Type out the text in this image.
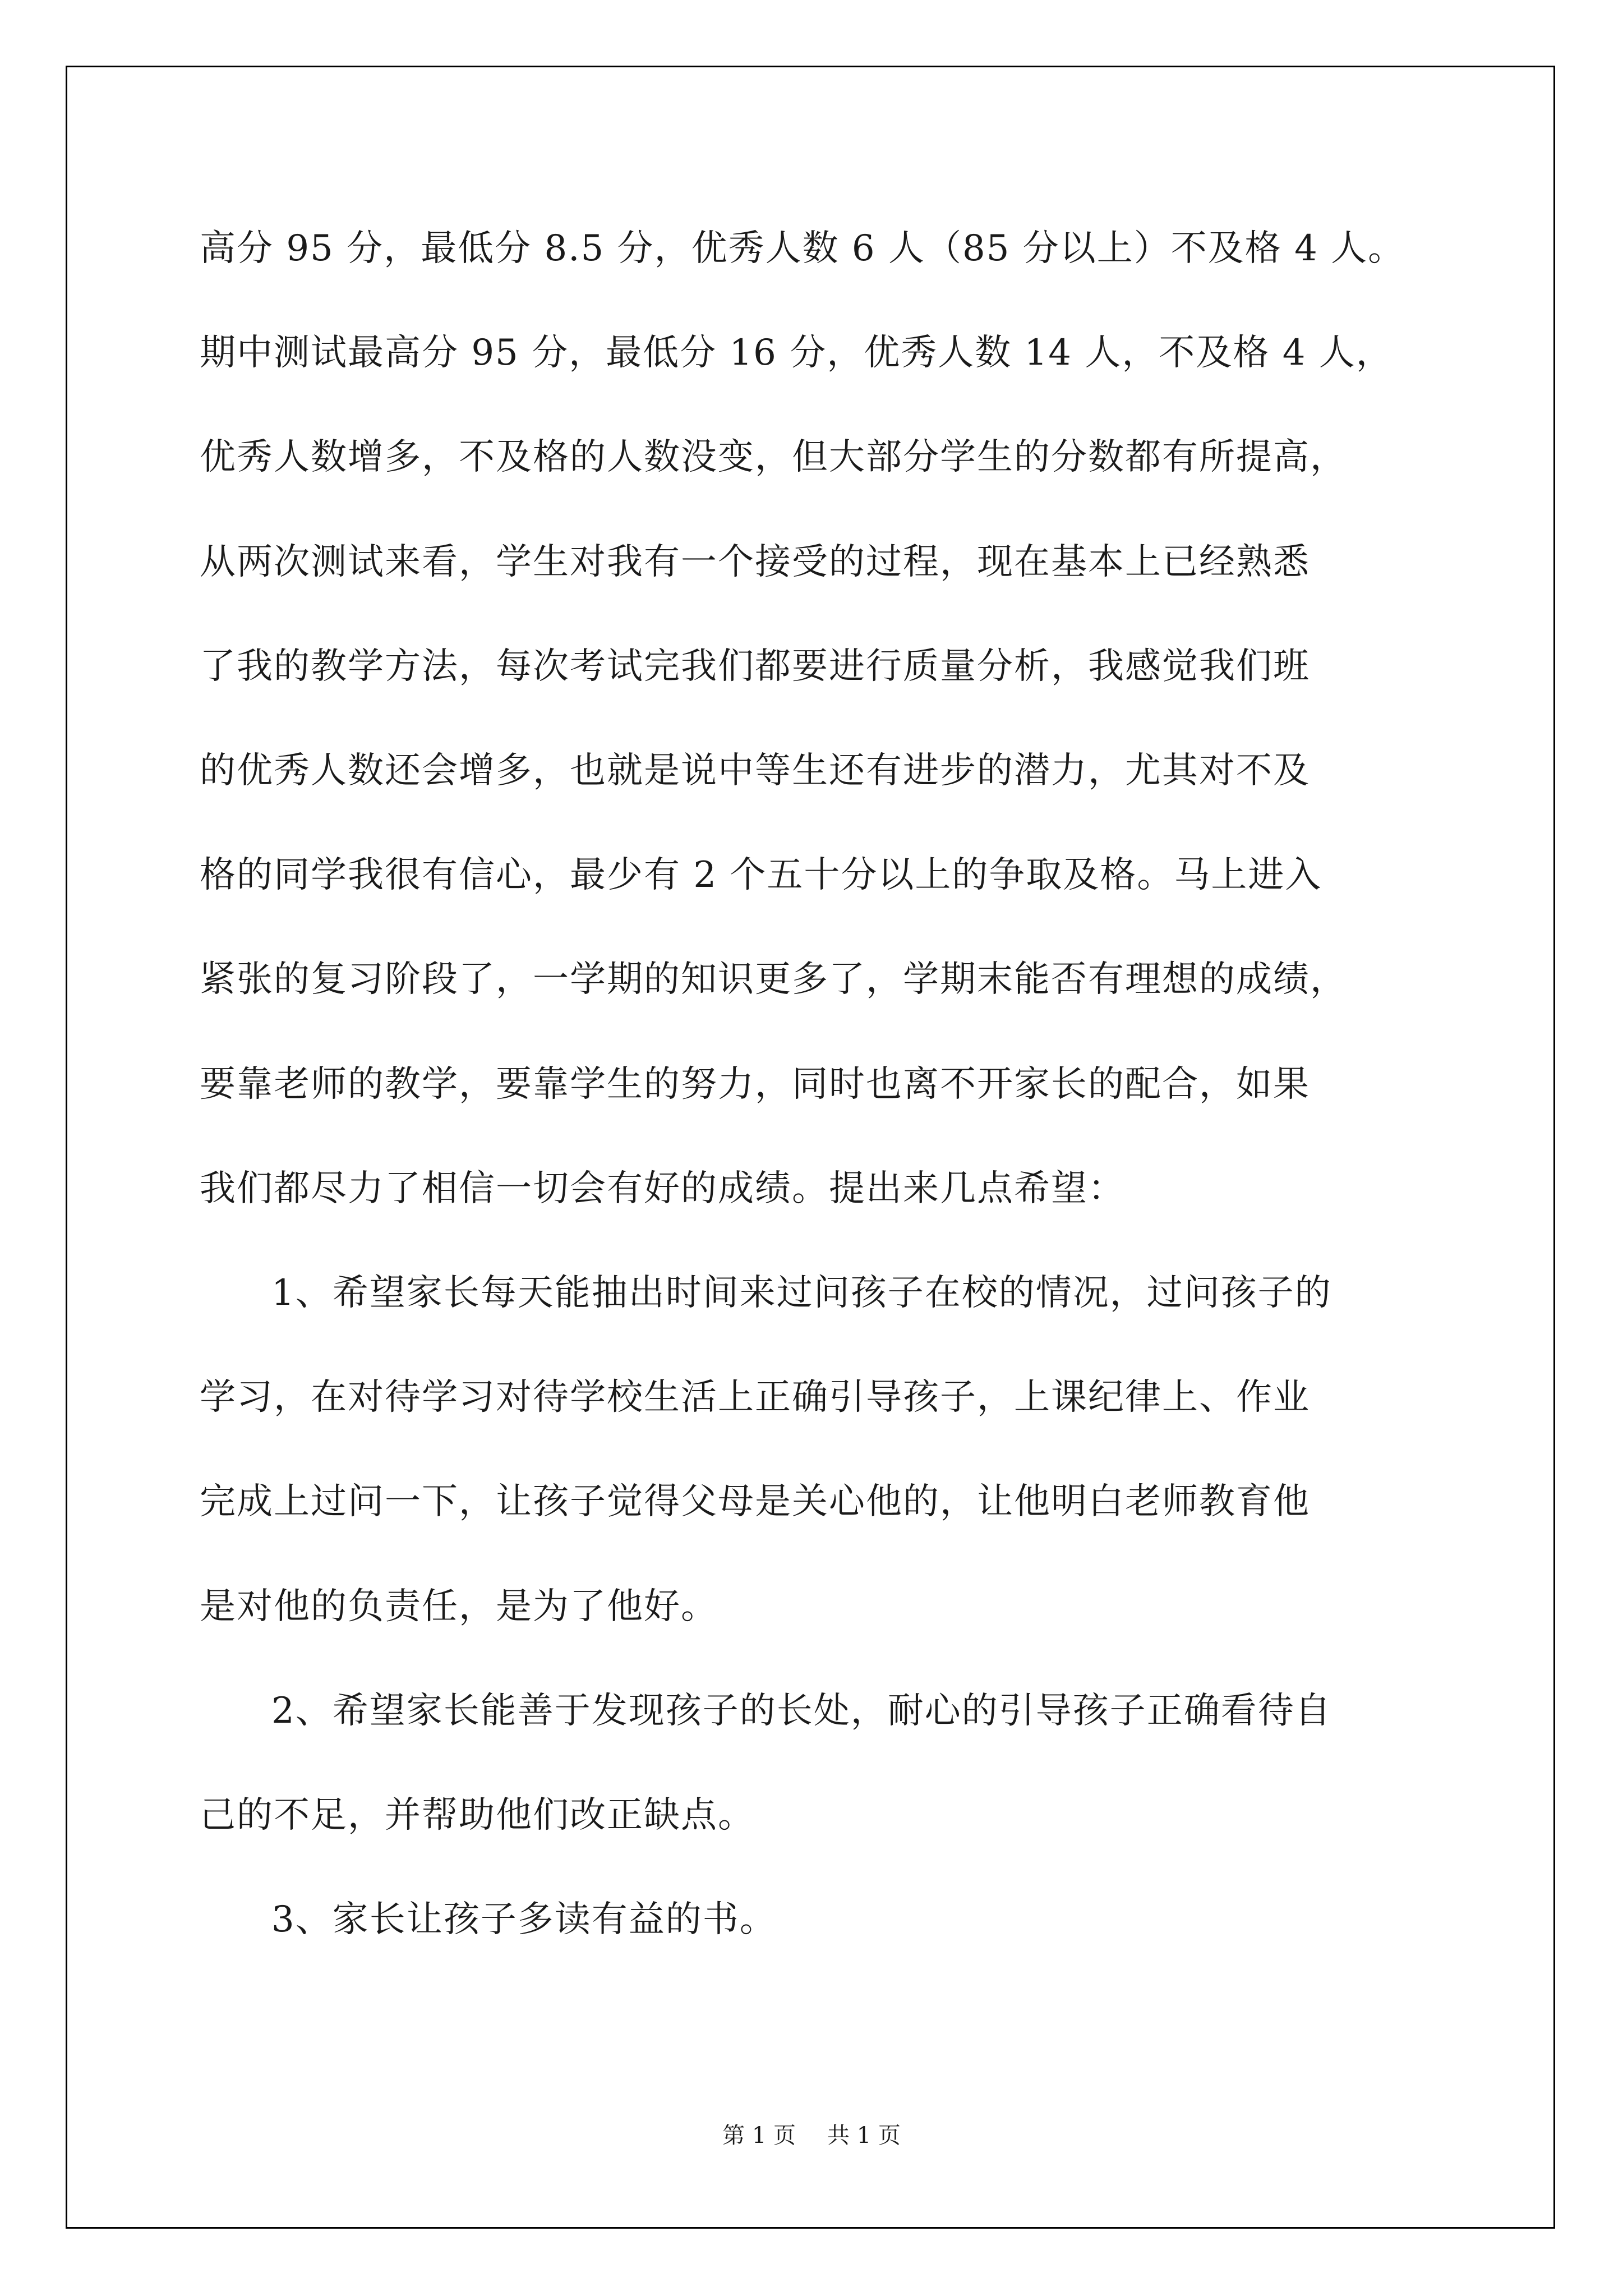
高分 95 分，最低分 8.5 分，优秀人数 6 人（85 分以上）不及格 4 人。
期中测试最高分 95 分，最低分 16 分，优秀人数 14 人，不及格 4 人，
优秀人数增多，不及格的人数没变，但大部分学生的分数都有所提高，
从两次测试来看，学生对我有一个接受的过程，现在基本上已经熟悉
了我的教学方法，每次考试完我们都要进行质量分析，我感觉我们班
的优秀人数还会增多，也就是说中等生还有进步的潜力，尤其对不及
格的同学我很有信心，最少有 2 个五十分以上的争取及格。马上进入
紧张的复习阶段了，一学期的知识更多了，学期末能否有理想的成绩，
要靠老师的教学，要靠学生的努力，同时也离不开家长的配合，如果
我们都尽力了相信一切会有好的成绩。提出来几点希望：
1、希望家长每天能抽出时间来过问孩子在校的情况，过问孩子的
学习，在对待学习对待学校生活上正确引导孩子，上课纪律上、作业
完成上过问一下，让孩子觉得父母是关心他的，让他明白老师教育他
是对他的负责任，是为了他好。
2、希望家长能善于发现孩子的长处，耐心的引导孩子正确看待自
己的不足，并帮助他们改正缺点。
3、家长让孩子多读有益的书。
第 1 页 共 1 页
